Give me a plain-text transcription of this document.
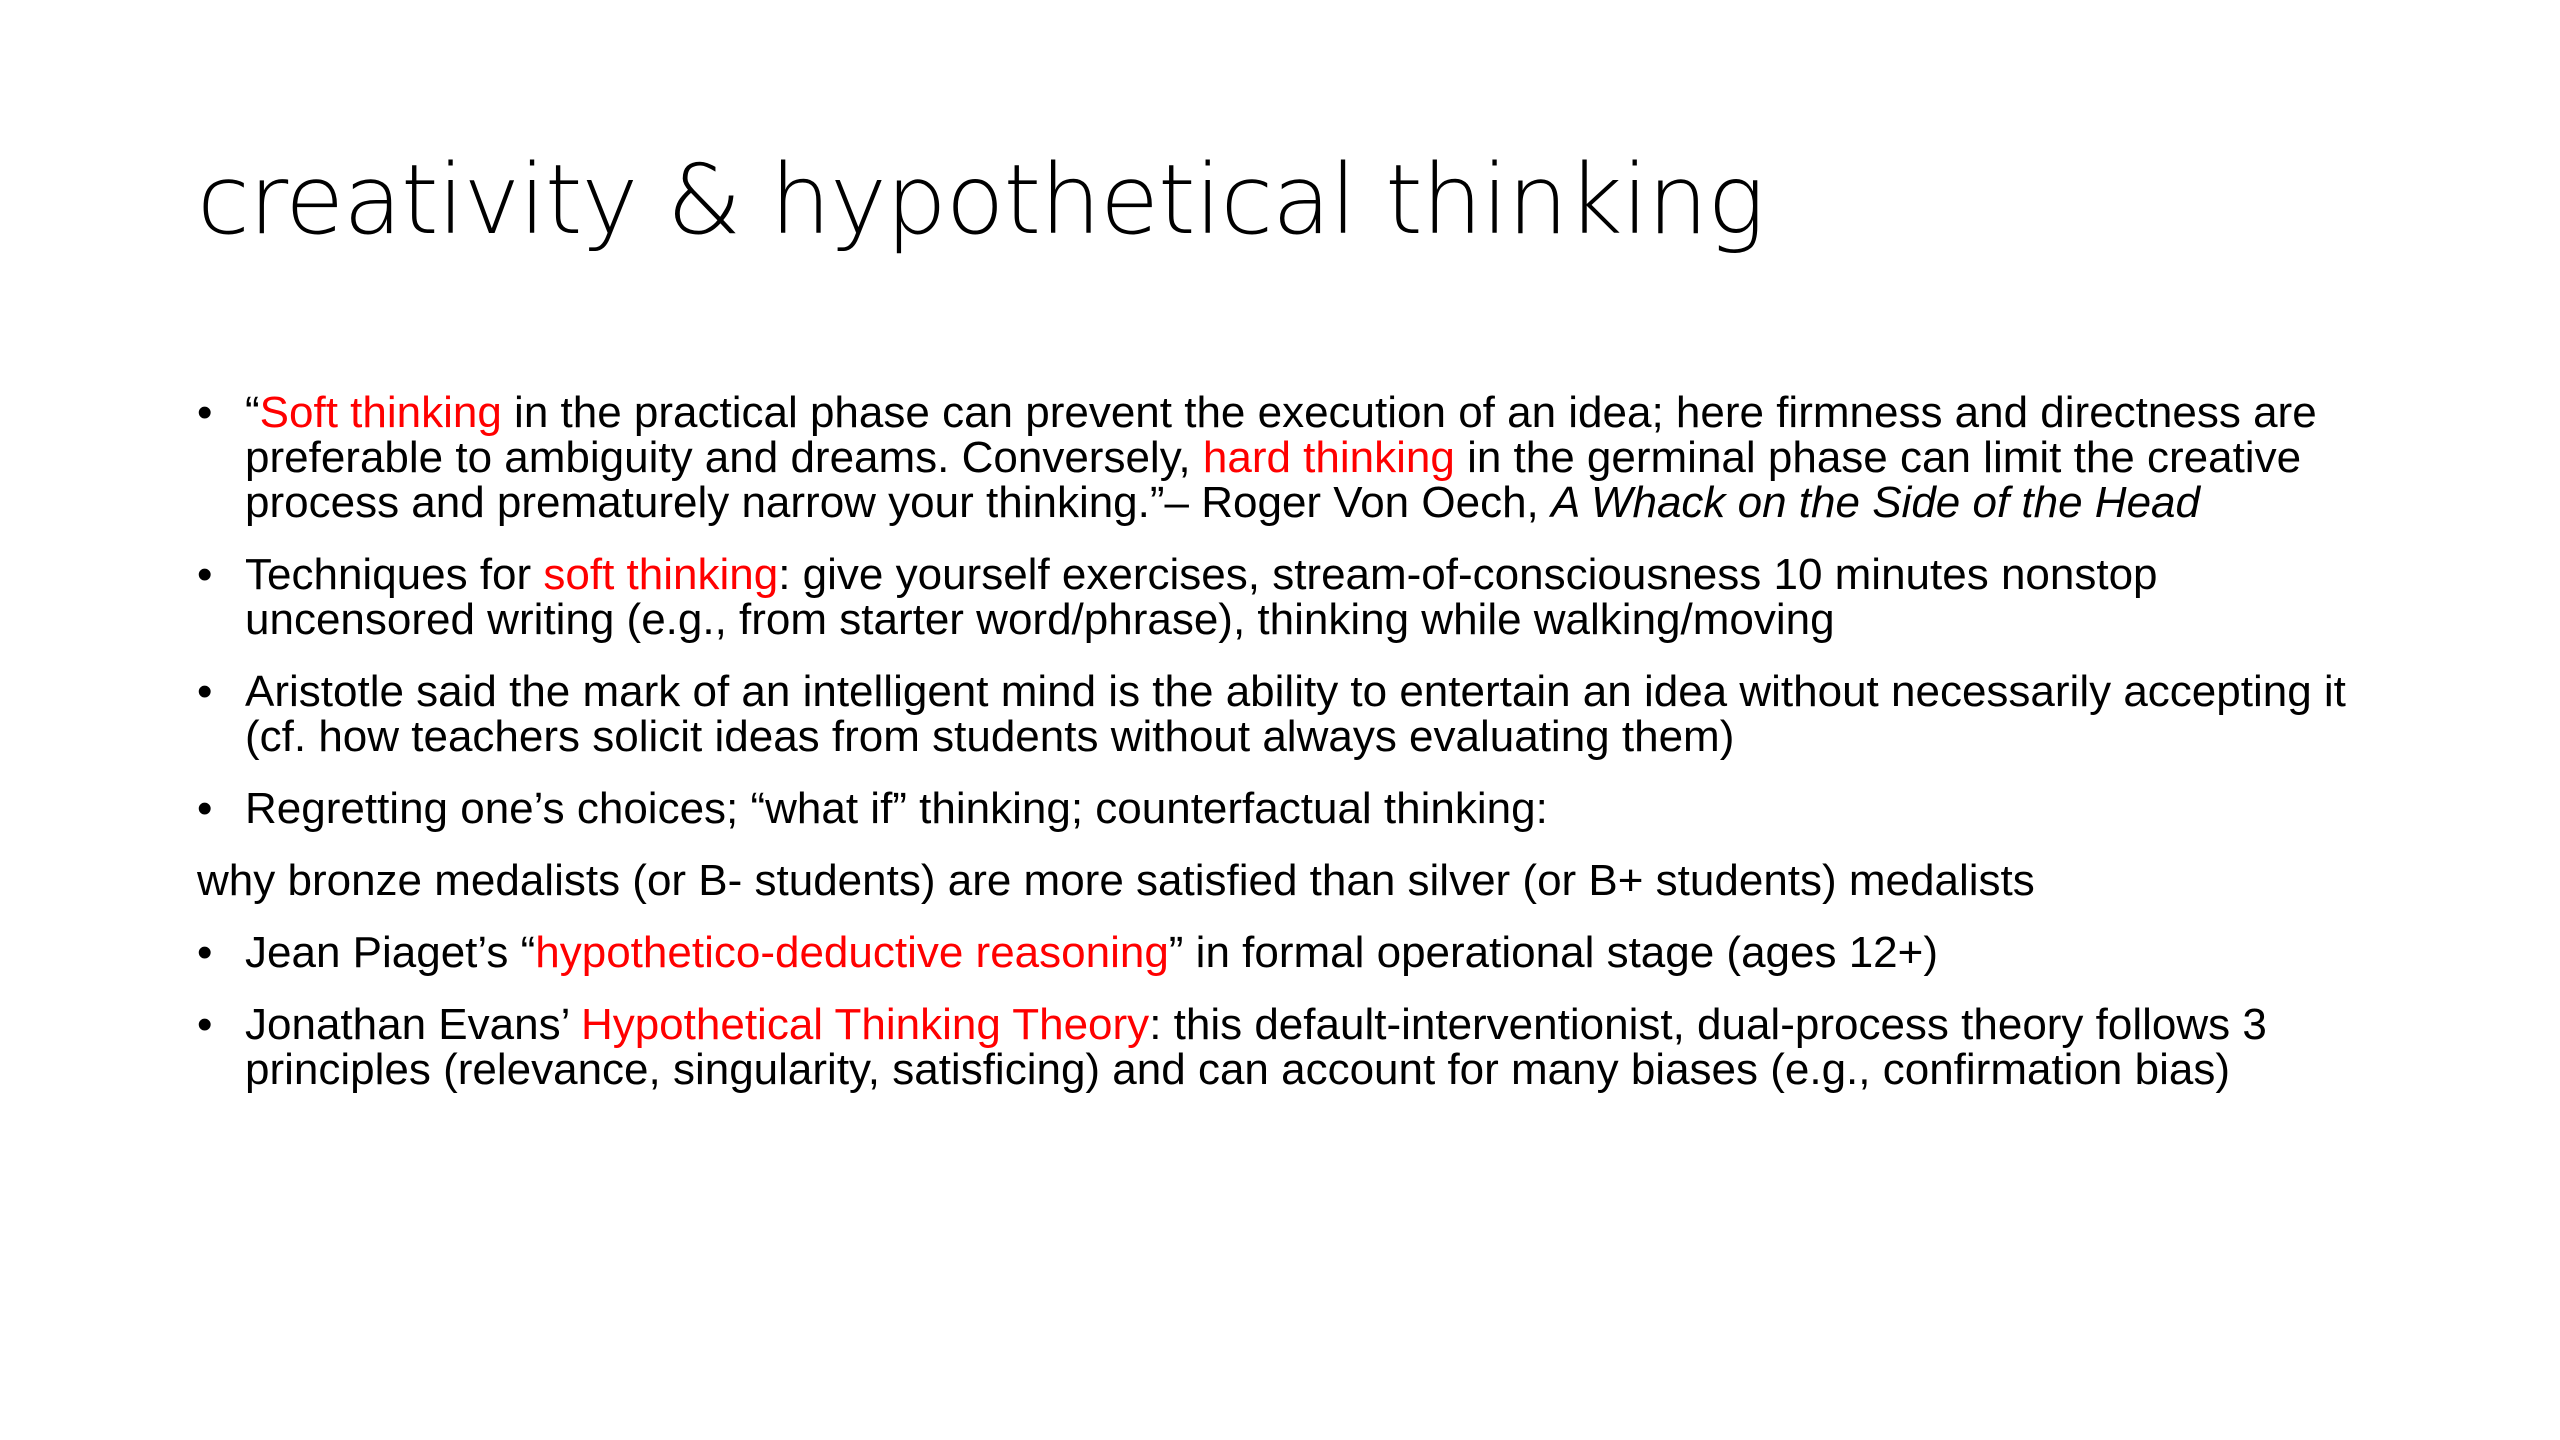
creativity & hypothetical thinking
• “Soft thinking in the practical phase can prevent the execution of an idea; here firmness and directness are preferable to ambiguity and dreams. Conversely, hard thinking in the germinal phase can limit the creative process and prematurely narrow your thinking.”– Roger Von Oech, A Whack on the Side of the Head
• Techniques for soft thinking: give yourself exercises, stream-of-consciousness 10 minutes nonstop uncensored writing (e.g., from starter word/phrase), thinking while walking/moving
• Aristotle said the mark of an intelligent mind is the ability to entertain an idea without necessarily accepting it (cf. how teachers solicit ideas from students without always evaluating them)
• Regretting one’s choices; “what if” thinking; counterfactual thinking:
why bronze medalists (or B- students) are more satisfied than silver (or B+ students) medalists
• Jean Piaget’s “hypothetico-deductive reasoning” in formal operational stage (ages 12+)
• Jonathan Evans’ Hypothetical Thinking Theory: this default-interventionist, dual-process theory follows 3 principles (relevance, singularity, satisficing) and can account for many biases (e.g., confirmation bias)
